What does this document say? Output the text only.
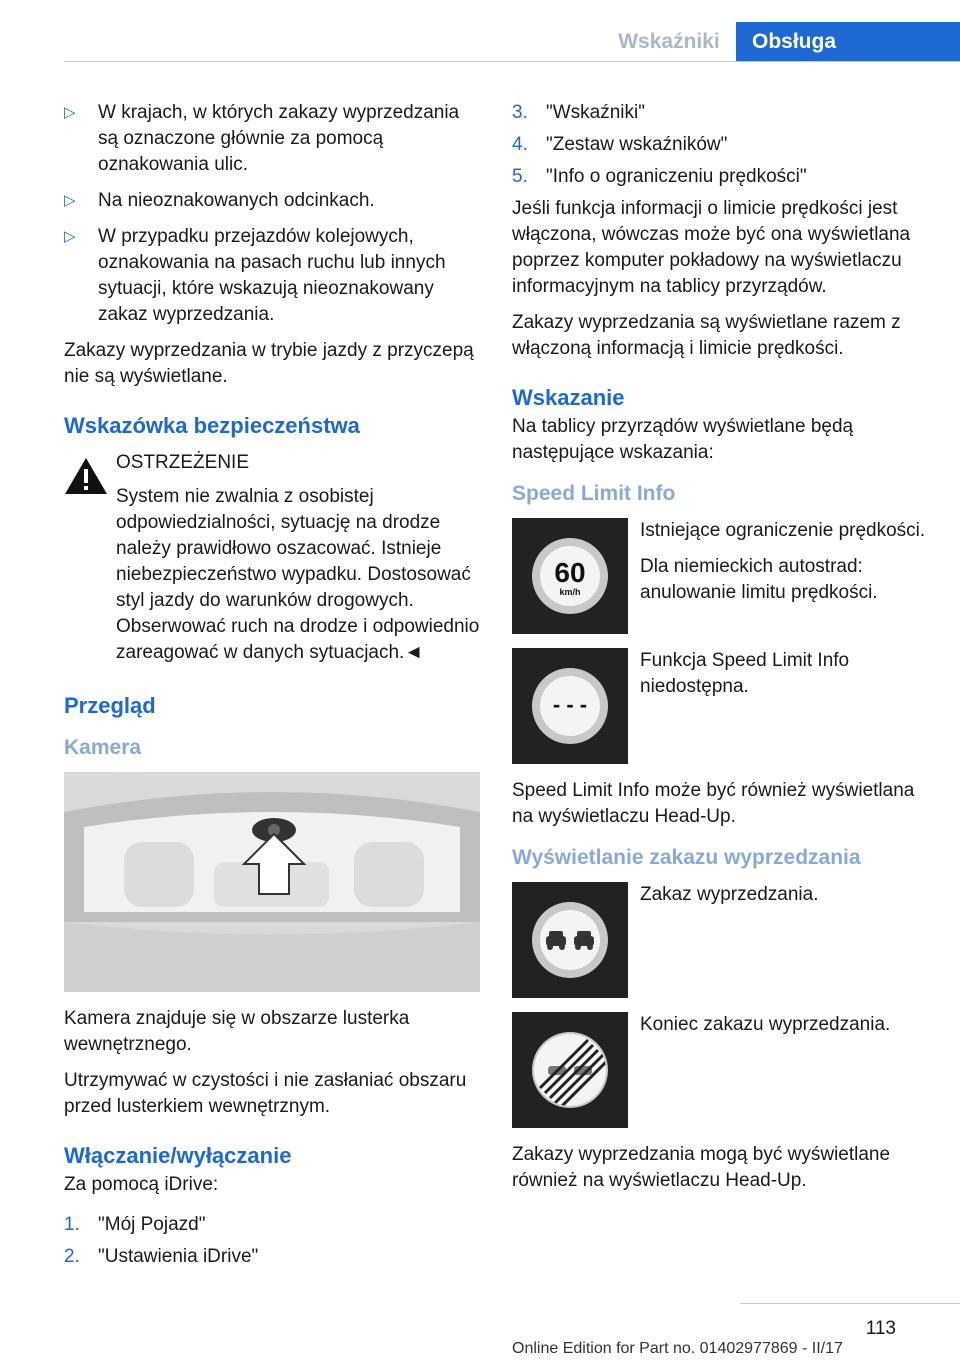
Wskaźniki	Obsługa
▷ W krajach, w których zakazy wyprzedzania są oznaczone głównie za pomocą oznakowania ulic.
▷ Na nieoznakowanych odcinkach.
▷ W przypadku przejazdów kolejowych, oznakowania na pasach ruchu lub innych sytuacji, które wskazują nieoznakowany zakaz wyprzedzania.

Zakazy wyprzedzania w trybie jazdy z przyczepą nie są wyświetlane.

Wskazówka bezpieczeństwa
OSTRZEŻENIE
System nie zwalnia z osobistej odpowiedzialności, sytuację na drodze należy prawidłowo oszacować. Istnieje niebezpieczeństwo wypadku. Dostosować styl jazdy do warunków drogowych. Obserwować ruch na drodze i odpowiednio zareagować w danych sytuacjach.◄
Przegląd
Kamera

Kamera znajduje się w obszarze lusterka wewnętrznego.

Utrzymywać w czystości i nie zasłaniać obszaru przed lusterkiem wewnętrznym.

Włączanie/wyłączanie

Za pomocą iDrive:

1. "Mój Pojazd"
2. "Ustawienia iDrive"
3. "Wskaźniki"
4. "Zestaw wskaźników"
5. "Info o ograniczeniu prędkości"

Jeśli funkcja informacji o limicie prędkości jest włączona, wówczas może być ona wyświetlana poprzez komputer pokładowy na wyświetlaczu informacyjnym na tablicy przyrządów.

Zakazy wyprzedzania są wyświetlane razem z włączoną informacją i limicie prędkości.

Wskazanie

Na tablicy przyrządów wyświetlane będą następujące wskazania:

Speed Limit Info
60
km/h

Istniejące ograniczenie prędkości.

Dla niemieckich autostrad: anulowanie limitu prędkości.

- - -

Funkcja Speed Limit Info niedostępna.

Speed Limit Info może być również wyświetlana na wyświetlaczu Head-Up.

Wyświetlanie zakazu wyprzedzania

Zakaz wyprzedzania.

Koniec zakazu wyprzedzania.

Zakazy wyprzedzania mogą być wyświetlane również na wyświetlaczu Head-Up.

113
Online Edition for Part no. 01402977869 - II/17
